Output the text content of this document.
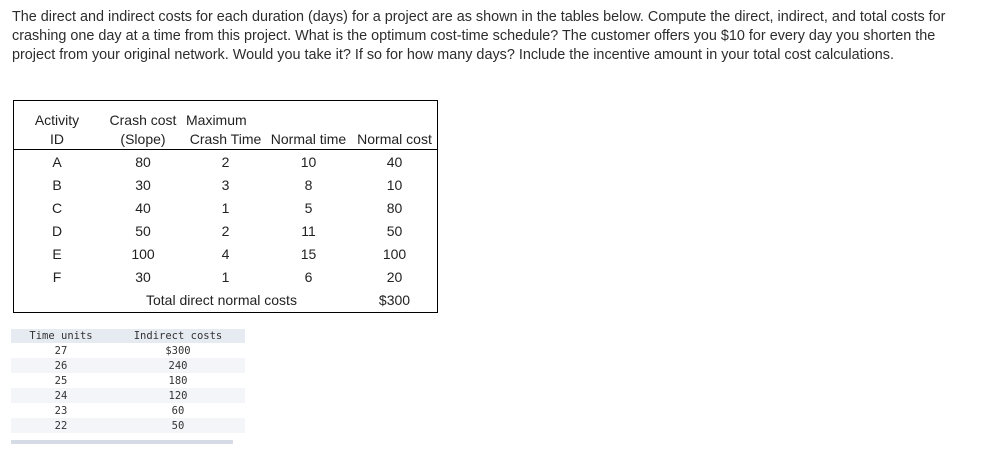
The direct and indirect costs for each duration (days) for a project are as shown in the tables below. Compute the direct, indirect, and total costs for crashing one day at a time from this project. What is the optimum cost-time schedule? The customer offers you $10 for every day you shorten the project from your original network. Would you take it? If so for how many days? Include the incentive amount in your total cost calculations.

Activity	Crash cost	Maximum		
ID	(Slope)	Crash Time	Normal time	Normal cost
A	80	2	10	40
B	30	3	8	10
C	40	1	5	80
D	50	2	11	50
E	100	4	15	100
F	30	1	6	20
	Total direct normal costs			$300
Time units	Indirect costs
27	$300
26	240
25	180
24	120
23	60
22	50
